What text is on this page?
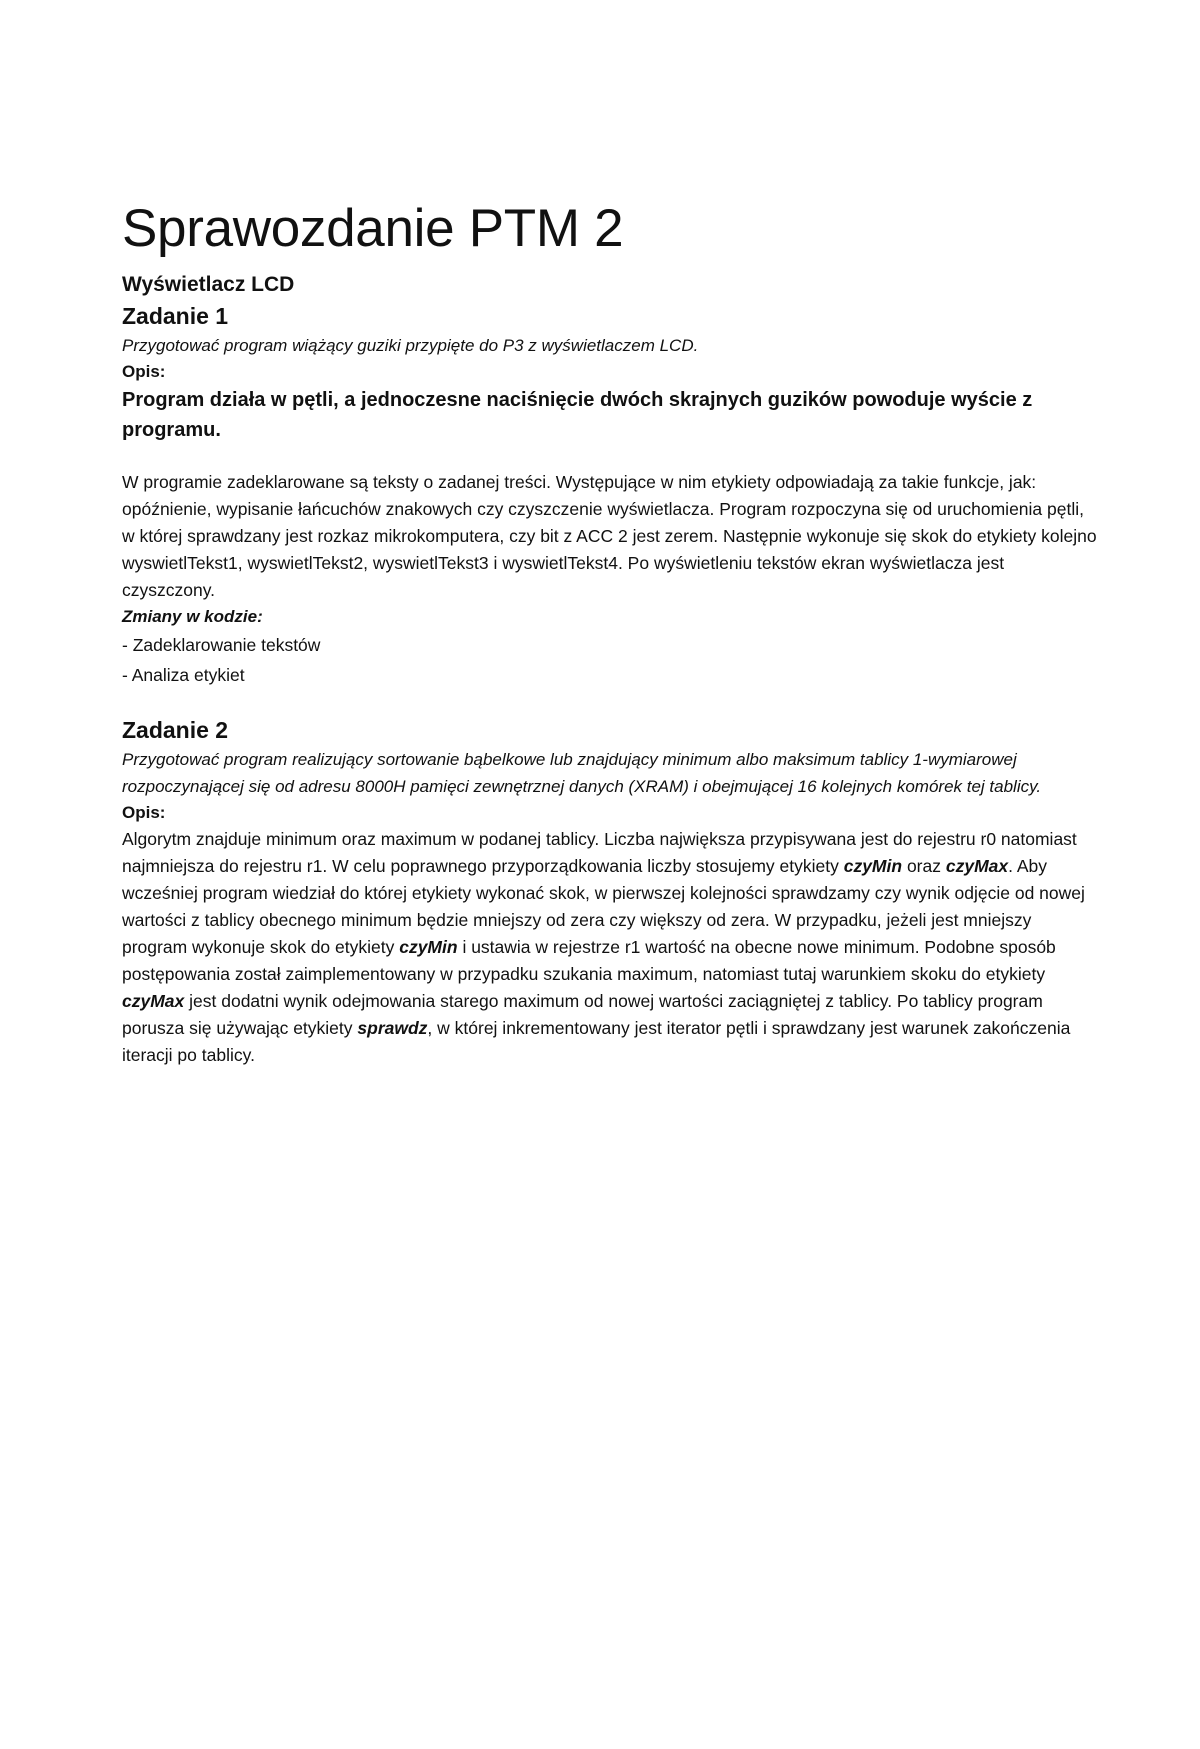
Sprawozdanie PTM 2

Wyświetlacz LCD

Zadanie 1

Przygotować program wiążący guziki przypięte do P3 z wyświetlaczem LCD.

Opis:

Program działa w pętli, a jednoczesne naciśnięcie dwóch skrajnych guzików powoduje wyście z programu.

W programie zadeklarowane są teksty o zadanej treści. Występujące w nim etykiety odpowiadają za takie funkcje, jak: opóźnienie, wypisanie łańcuchów znakowych czy czyszczenie wyświetlacza. Program rozpoczyna się od uruchomienia pętli, w której sprawdzany jest rozkaz mikrokomputera, czy bit z ACC 2 jest zerem. Następnie wykonuje się skok do etykiety kolejno wyswietlTekst1, wyswietlTekst2, wyswietlTekst3 i wyswietlTekst4. Po wyświetleniu tekstów ekran wyświetlacza jest czyszczony.

Zmiany w kodzie:

- Zadeklarowanie tekstów

- Analiza etykiet

Zadanie 2

Przygotować program realizujący sortowanie bąbelkowe lub znajdujący minimum albo maksimum tablicy 1-wymiarowej rozpoczynającej się od adresu 8000H pamięci zewnętrznej danych (XRAM) i obejmującej 16 kolejnych komórek tej tablicy.

Opis:

Algorytm znajduje minimum oraz maximum w podanej tablicy. Liczba największa przypisywana jest do rejestru r0 natomiast najmniejsza do rejestru r1. W celu poprawnego przyporządkowania liczby stosujemy etykiety czyMin oraz czyMax. Aby wcześniej program wiedział do której etykiety wykonać skok, w pierwszej kolejności sprawdzamy czy wynik odjęcie od nowej wartości z tablicy obecnego minimum będzie mniejszy od zera czy większy od zera. W przypadku, jeżeli jest mniejszy program wykonuje skok do etykiety czyMin i ustawia w rejestrze r1 wartość na obecne nowe minimum. Podobne sposób postępowania został zaimplementowany w przypadku szukania maximum, natomiast tutaj warunkiem skoku do etykiety czyMax jest dodatni wynik odejmowania starego maximum od nowej wartości zaciągniętej z tablicy. Po tablicy program porusza się używając etykiety sprawdz, w której inkrementowany jest iterator pętli i sprawdzany jest warunek zakończenia iteracji po tablicy.
